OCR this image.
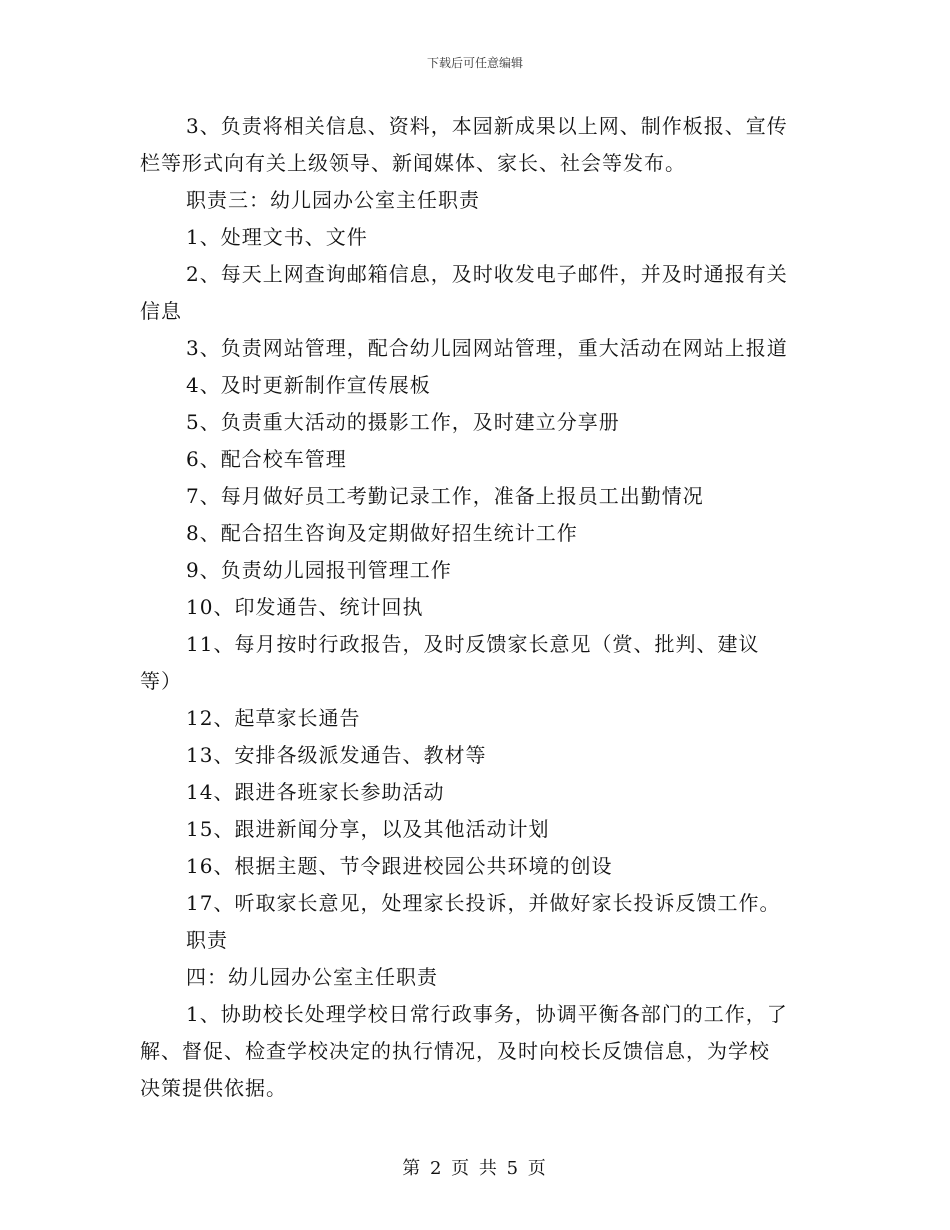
下载后可任意编辑
3、负责将相关信息、资料，本园新成果以上网、制作板报、宣传
栏等形式向有关上级领导、新闻媒体、家长、社会等发布。
职责三：幼儿园办公室主任职责
1、处理文书、文件
2、每天上网查询邮箱信息，及时收发电子邮件，并及时通报有关
信息
3、负责网站管理，配合幼儿园网站管理，重大活动在网站上报道
4、及时更新制作宣传展板
5、负责重大活动的摄影工作，及时建立分享册
6、配合校车管理
7、每月做好员工考勤记录工作，准备上报员工出勤情况
8、配合招生咨询及定期做好招生统计工作
9、负责幼儿园报刊管理工作
10、印发通告、统计回执
11、每月按时行政报告，及时反馈家长意见（赏、批判、建议
等）
12、起草家长通告
13、安排各级派发通告、教材等
14、跟进各班家长参助活动
15、跟进新闻分享，以及其他活动计划
16、根据主题、节令跟进校园公共环境的创设
17、听取家长意见，处理家长投诉，并做好家长投诉反馈工作。
职责
四：幼儿园办公室主任职责
1、协助校长处理学校日常行政事务，协调平衡各部门的工作，了
解、督促、检查学校决定的执行情况，及时向校长反馈信息，为学校
决策提供依据。
第 2 页 共 5 页
